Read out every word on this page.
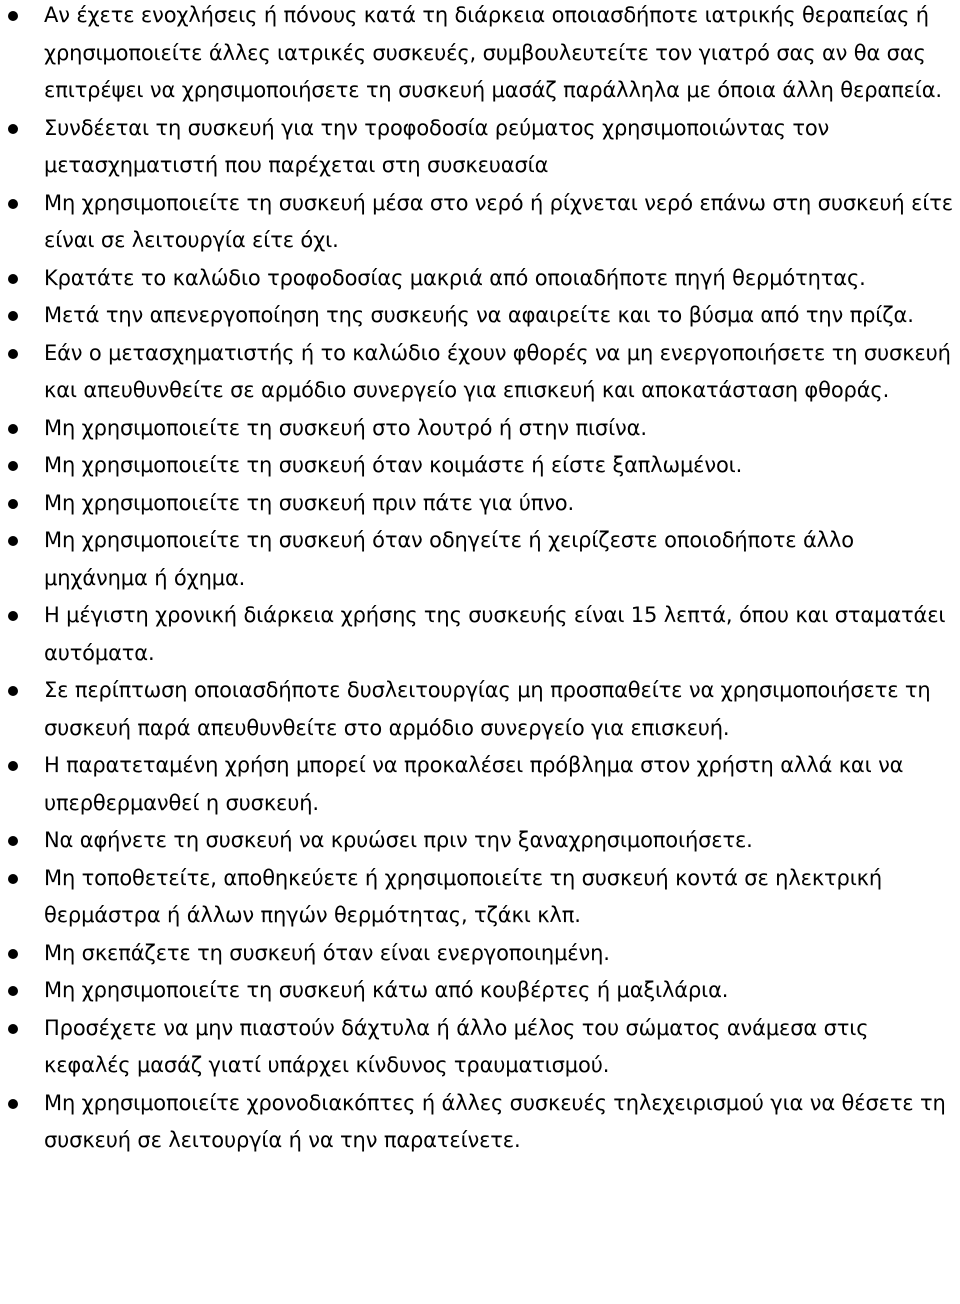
Αν έχετε ενοχλήσεις ή πόνους κατά τη διάρκεια οποιασδήποτε ιατρικής θεραπείας ή χρησιμοποιείτε άλλες ιατρικές συσκευές, συμβουλευτείτε τον γιατρό σας αν θα σας επιτρέψει να χρησιμοποιήσετε τη συσκευή μασάζ παράλληλα με όποια άλλη θεραπεία.
Συνδέεται τη συσκευή για την τροφοδοσία ρεύματος χρησιμοποιώντας τον μετασχηματιστή που παρέχεται στη συσκευασία
Μη χρησιμοποιείτε τη συσκευή μέσα στο νερό ή ρίχνεται νερό επάνω στη συσκευή είτε είναι σε λειτουργία είτε όχι.
Κρατάτε το καλώδιο τροφοδοσίας μακριά από οποιαδήποτε πηγή θερμότητας.
Μετά την απενεργοποίηση της συσκευής να αφαιρείτε και το βύσμα από την πρίζα.
Εάν ο μετασχηματιστής ή το καλώδιο έχουν φθορές να μη ενεργοποιήσετε τη συσκευή και απευθυνθείτε σε αρμόδιο συνεργείο για επισκευή και αποκατάσταση φθοράς.
Μη χρησιμοποιείτε τη συσκευή στο λουτρό ή στην πισίνα.
Μη χρησιμοποιείτε τη συσκευή όταν κοιμάστε ή είστε ξαπλωμένοι.
Μη χρησιμοποιείτε τη συσκευή πριν πάτε για ύπνο.
Μη χρησιμοποιείτε τη συσκευή όταν οδηγείτε ή χειρίζεστε οποιοδήποτε άλλο μηχάνημα ή όχημα.
Η μέγιστη χρονική διάρκεια χρήσης της συσκευής είναι 15 λεπτά, όπου και σταματάει αυτόματα.
Σε περίπτωση οποιασδήποτε δυσλειτουργίας μη προσπαθείτε να χρησιμοποιήσετε τη συσκευή παρά απευθυνθείτε στο αρμόδιο συνεργείο για επισκευή.
Η παρατεταμένη χρήση μπορεί να προκαλέσει πρόβλημα στον χρήστη αλλά και να υπερθερμανθεί η συσκευή.
Να αφήνετε τη συσκευή να κρυώσει πριν την ξαναχρησιμοποιήσετε.
Μη τοποθετείτε, αποθηκεύετε ή χρησιμοποιείτε τη συσκευή κοντά σε ηλεκτρική θερμάστρα ή άλλων πηγών θερμότητας, τζάκι κλπ.
Μη σκεπάζετε τη συσκευή όταν είναι ενεργοποιημένη.
Μη χρησιμοποιείτε τη συσκευή κάτω από κουβέρτες ή μαξιλάρια.
Προσέχετε να μην πιαστούν δάχτυλα ή άλλο μέλος του σώματος ανάμεσα στις κεφαλές μασάζ γιατί υπάρχει κίνδυνος τραυματισμού.
Μη χρησιμοποιείτε χρονοδιακόπτες ή άλλες συσκευές τηλεχειρισμού για να θέσετε τη συσκευή σε λειτουργία ή να την παρατείνετε.
